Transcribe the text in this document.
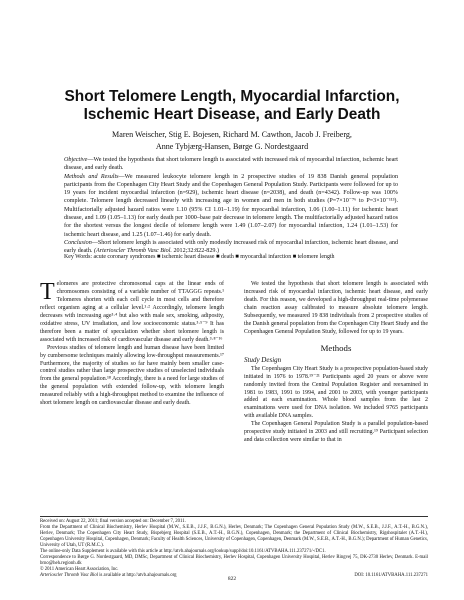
Short Telomere Length, Myocardial Infarction, Ischemic Heart Disease, and Early Death
Maren Weischer, Stig E. Bojesen, Richard M. Cawthon, Jacob J. Freiberg,
Anne Tybjærg-Hansen, Børge G. Nordestgaard

Objective—We tested the hypothesis that short telomere length is associated with increased risk of myocardial infarction, ischemic heart disease, and early death.

Methods and Results—We measured leukocyte telomere length in 2 prospective studies of 19 838 Danish general population participants from the Copenhagen City Heart Study and the Copenhagen General Population Study. Participants were followed for up to 19 years for incident myocardial infarction (n=929), ischemic heart disease (n=2038), and death (n=4342). Follow-up was 100% complete. Telomere length decreased linearly with increasing age in women and men in both studies (P=7×10⁻⁷⁶ to P=3×10⁻¹¹³). Multifactorially adjusted hazard ratios were 1.10 (95% CI 1.01–1.19) for myocardial infarction, 1.06 (1.00–1.11) for ischemic heart disease, and 1.09 (1.05–1.13) for early death per 1000–base pair decrease in telomere length. The multifactorially adjusted hazard ratios for the shortest versus the longest decile of telomere length were 1.49 (1.07–2.07) for myocardial infarction, 1.24 (1.01–1.53) for ischemic heart disease, and 1.25 (1.07–1.46) for early death.

Conclusion—Short telomere length is associated with only modestly increased risk of myocardial infarction, ischemic heart disease, and early death. (Arterioscler Thromb Vasc Biol. 2012;32:822-829.)

Key Words: acute coronary syndromes ■ ischemic heart disease ■ death ■ myocardial infarction ■ telomere length

Telomeres are protective chromosomal caps at the linear ends of chromosomes consisting of a variable number of TTAGGG repeats.¹ Telomeres shorten with each cell cycle in most cells and therefore reflect organism aging at a cellular level.¹·² Accordingly, telomere length decreases with increasing age³·⁴ but also with male sex, smoking, adiposity, oxidative stress, UV irradiation, and low socioeconomic status.³·⁵⁻⁹ It has therefore been a matter of speculation whether short telomere length is associated with increased risk of cardiovascular disease and early death.³·⁸⁻¹⁶

Previous studies of telomere length and human disease have been limited by cumbersome techniques mainly allowing low-throughput measurements.¹⁷ Furthermore, the majority of studies so far have mainly been smaller case-control studies rather than large prospective studies of unselected individuals from the general population.¹⁸ Accordingly, there is a need for large studies of the general population with extended follow-up, with telomere length measured reliably with a high-throughput method to examine the influence of short telomere length on cardiovascular disease and early death.

We tested the hypothesis that short telomere length is associated with increased risk of myocardial infarction, ischemic heart disease, and early death. For this reason, we developed a high-throughput real-time polymerase chain reaction assay calibrated to measure absolute telomere length. Subsequently, we measured 19 838 individuals from 2 prospective studies of the Danish general population from the Copenhagen City Heart Study and the Copenhagen General Population Study, followed for up to 19 years.

Methods
Study Design

The Copenhagen City Heart Study is a prospective population-based study initiated in 1976 to 1978.¹⁹⁻²¹ Participants aged 20 years or above were randomly invited from the Central Population Register and reexamined in 1981 to 1983, 1991 to 1994, and 2001 to 2003, with younger participants added at each examination. Whole blood samples from the last 2 examinations were used for DNA isolation. We included 9765 participants with available DNA samples.

The Copenhagen General Population Study is a parallel population-based prospective study initiated in 2003 and still recruiting.¹⁹ Participant selection and data collection were similar to that in

Received on: August 22, 2011; final version accepted on: December 7, 2011.

From the Department of Clinical Biochemistry, Herlev Hospital (M.W., S.E.B., J.J.F., B.G.N.), Herlev, Denmark; The Copenhagen General Population Study (M.W., S.E.B., J.J.F., A.T.-H., B.G.N.), Herlev, Denmark; The Copenhagen City Heart Study, Bispebjerg Hospital (S.E.B., A.T.-H., B.G.N.), Copenhagen, Denmark; the Department of Clinical Biochemistry, Rigshospitalet (A.T.-H.), Copenhagen University Hospital, Copenhagen, Denmark; Faculty of Health Sciences, University of Copenhagen, Copenhagen, Denmark (M.W., S.E.B., A.T.-H., B.G.N.); Department of Human Genetics, University of Utah, UT (R.M.C.).

The online-only Data Supplement is available with this article at http://atvb.ahajournals.org/lookup/suppl/doi:10.1161/ATVBAHA.111.237271/-/DC1.

Correspondence to Børge G. Nordestgaard, MD, DMSc, Department of Clinical Biochemistry, Herlev Hospital, Copenhagen University Hospital, Herlev Ringvej 75, DK-2730 Herlev, Denmark. E-mail brno@heh.regionh.dk

© 2011 American Heart Association, Inc.

Arterioscler Thromb Vasc Biol is available at http://atvb.ahajournals.org	DOI: 10.1161/ATVBAHA.111.237271

822
